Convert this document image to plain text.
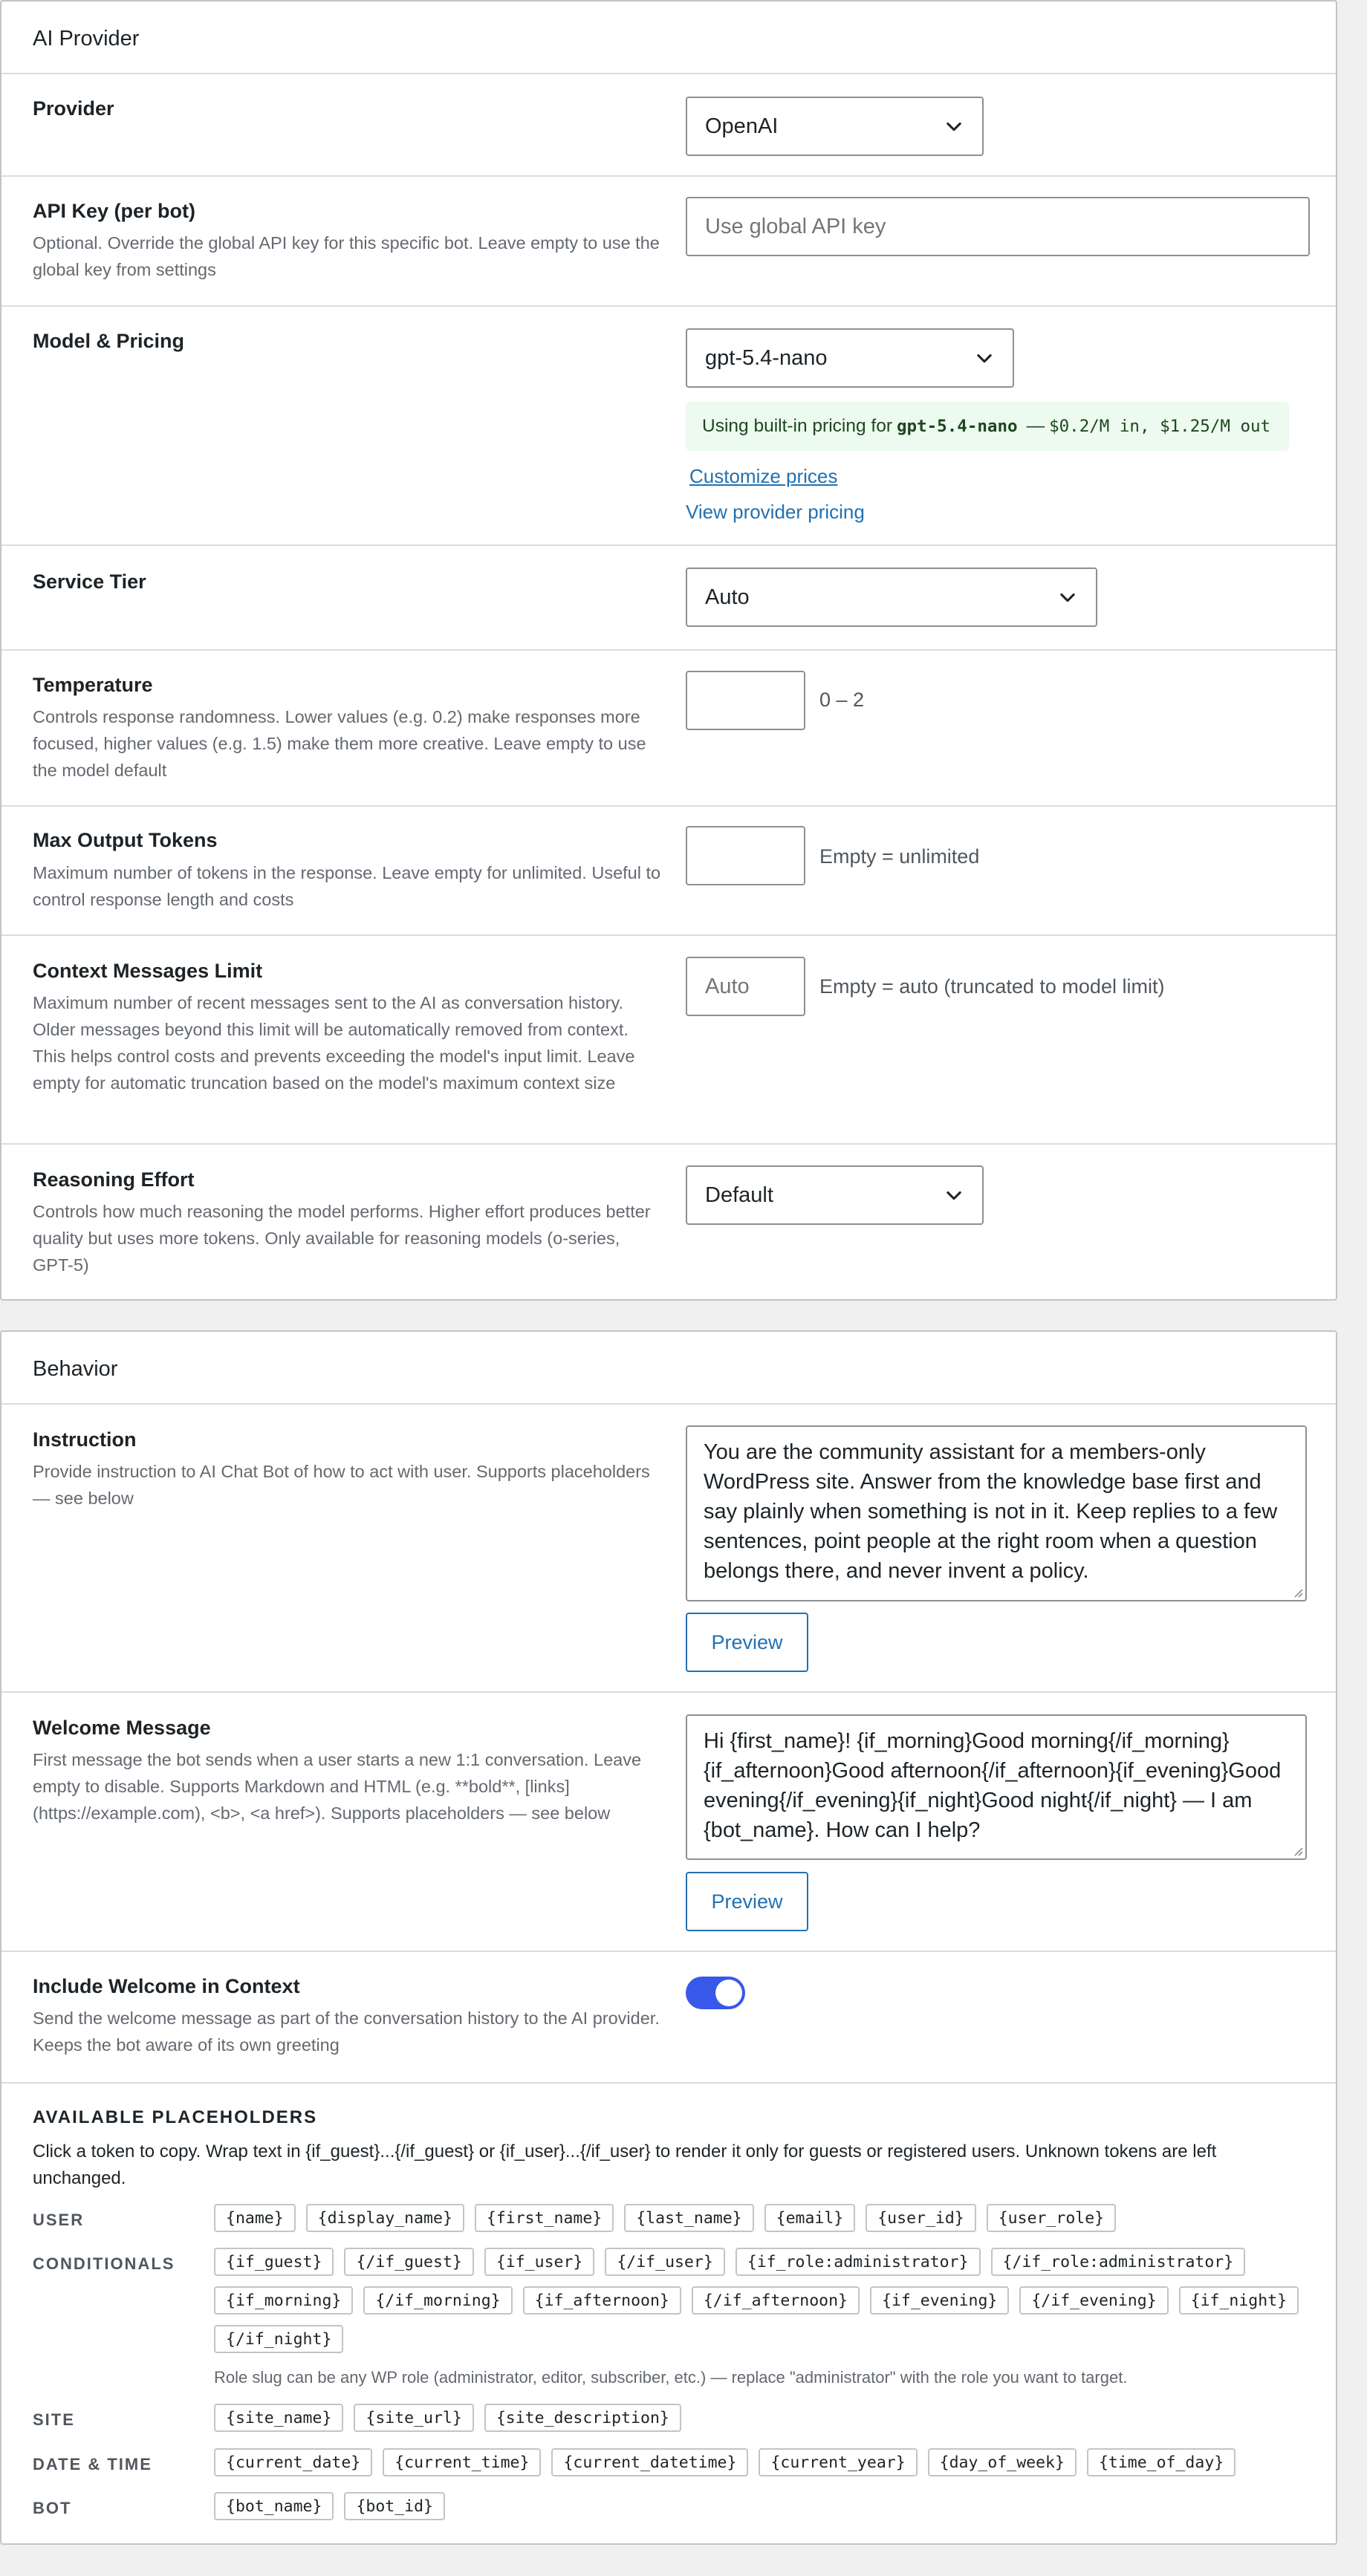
AI Provider
Provider
OpenAI
API Key (per bot)
Optional. Override the global API key for this specific bot. Leave empty to use the global key from settings
Use global API key
Model & Pricing
gpt-5.4-nano
Using built-in pricing for gpt-5.4-nano — $0.2/M in, $1.25/M out
Customize prices
View provider pricing
Service Tier
Auto
Temperature
Controls response randomness. Lower values (e.g. 0.2) make responses more focused, higher values (e.g. 1.5) make them more creative. Leave empty to use the model default
0 – 2
Max Output Tokens
Maximum number of tokens in the response. Leave empty for unlimited. Useful to control response length and costs
Empty = unlimited
Context Messages Limit
Maximum number of recent messages sent to the AI as conversation history. Older messages beyond this limit will be automatically removed from context. This helps control costs and prevents exceeding the model's input limit. Leave empty for automatic truncation based on the model's maximum context size
Auto	Empty = auto (truncated to model limit)
Reasoning Effort
Controls how much reasoning the model performs. Higher effort produces better quality but uses more tokens. Only available for reasoning models (o-series, GPT-5)
Default
Behavior
Instruction
Provide instruction to AI Chat Bot of how to act with user. Supports placeholders — see below
You are the community assistant for a members-only WordPress site. Answer from the knowledge base first and say plainly when something is not in it. Keep replies to a few sentences, point people at the right room when a question belongs there, and never invent a policy.
Preview
Welcome Message
First message the bot sends when a user starts a new 1:1 conversation. Leave empty to disable. Supports Markdown and HTML (e.g. **bold**, [links](https://example.com), <b>, <a href>). Supports placeholders — see below
Hi {first_name}! {if_morning}Good morning{/if_morning}{if_afternoon}Good afternoon{/if_afternoon}{if_evening}Good evening{/if_evening}{if_night}Good night{/if_night} — I am {bot_name}. How can I help?
Preview
Include Welcome in Context
Send the welcome message as part of the conversation history to the AI provider. Keeps the bot aware of its own greeting
AVAILABLE PLACEHOLDERS
Click a token to copy. Wrap text in {if_guest}...{/if_guest} or {if_user}...{/if_user} to render it only for guests or registered users. Unknown tokens are left unchanged.
USER	{name}	{display_name}	{first_name}	{last_name}	{email}	{user_id}	{user_role}
CONDITIONALS	{if_guest}	{/if_guest}	{if_user}	{/if_user}	{if_role:administrator}	{/if_role:administrator}
{if_morning}	{/if_morning}	{if_afternoon}	{/if_afternoon}	{if_evening}	{/if_evening}	{if_night}
{/if_night}
Role slug can be any WP role (administrator, editor, subscriber, etc.) — replace "administrator" with the role you want to target.
SITE	{site_name}	{site_url}	{site_description}
DATE & TIME	{current_date}	{current_time}	{current_datetime}	{current_year}	{day_of_week}	{time_of_day}
BOT	{bot_name}	{bot_id}
